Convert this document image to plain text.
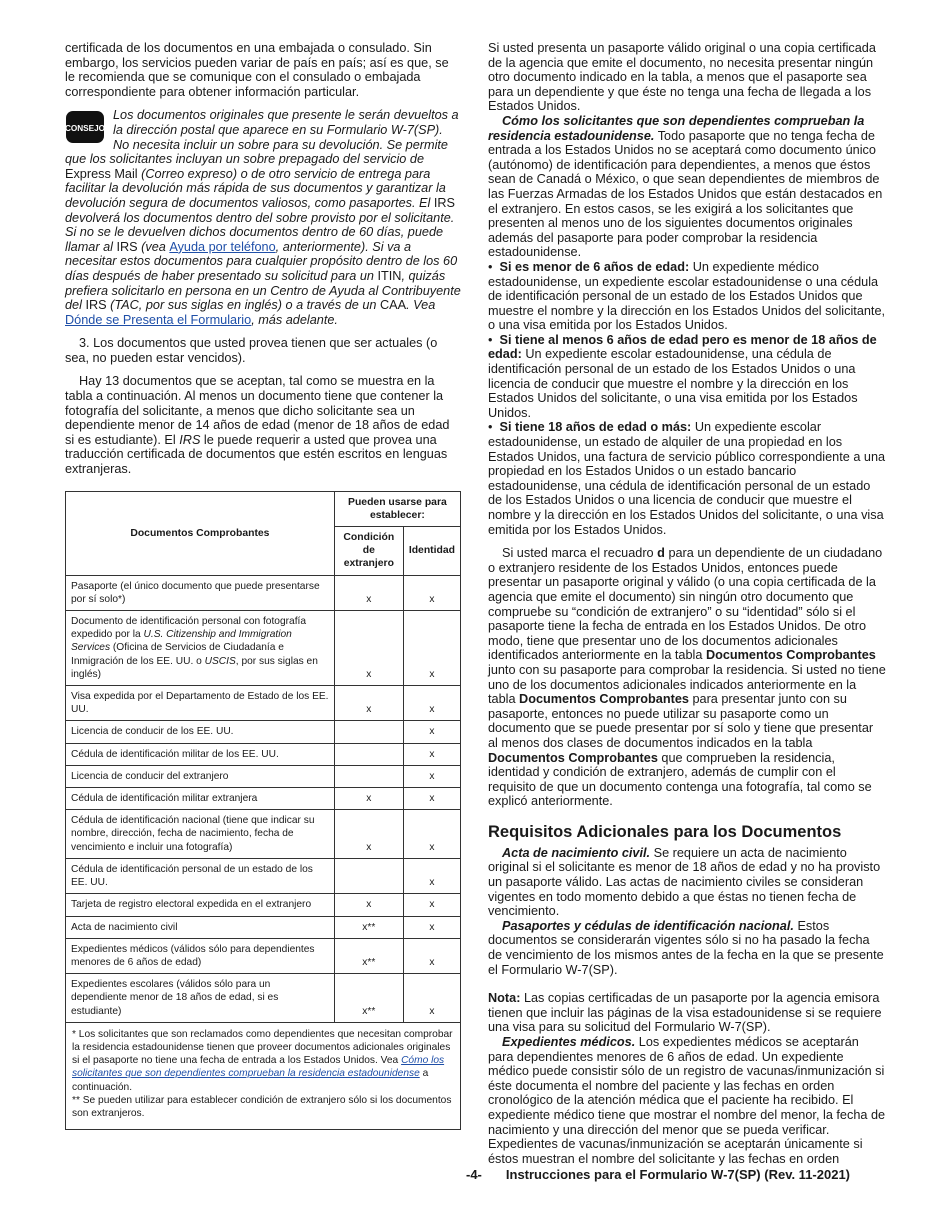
certificada de los documentos en una embajada o consulado. Sin embargo, los servicios pueden variar de país en país; así es que, se le recomienda que se comunique con el consulado o embajada correspondiente para obtener información particular.

CONSEJO
Los documentos originales que presente le serán devueltos a la dirección postal que aparece en su Formulario W-7(SP). No necesita incluir un sobre para su devolución. Se permite que los solicitantes incluyan un sobre prepagado del servicio de Express Mail (Correo expreso) o de otro servicio de entrega para facilitar la devolución más rápida de sus documentos y garantizar la devolución segura de documentos valiosos, como pasaportes. El IRS devolverá los documentos dentro del sobre provisto por el solicitante. Si no se le devuelven dichos documentos dentro de 60 días, puede llamar al IRS (vea Ayuda por teléfono, anteriormente). Si va a necesitar estos documentos para cualquier propósito dentro de los 60 días después de haber presentado su solicitud para un ITIN, quizás prefiera solicitarlo en persona en un Centro de Ayuda al Contribuyente del IRS (TAC, por sus siglas en inglés) o a través de un CAA. Vea Dónde se Presenta el Formulario, más adelante.

3. Los documentos que usted provea tienen que ser actuales (o sea, no pueden estar vencidos).

Hay 13 documentos que se aceptan, tal como se muestra en la tabla a continuación. Al menos un documento tiene que contener la fotografía del solicitante, a menos que dicho solicitante sea un dependiente menor de 14 años de edad (menor de 18 años de edad si es estudiante). El IRS le puede requerir a usted que provea una traducción certificada de documentos que estén escritos en lenguas extranjeras.

Documentos Comprobantes	Pueden usarse para establecer:	
	Condición de extranjero	Identidad
Pasaporte (el único documento que puede presentarse por sí solo*)	x	x
Documento de identificación personal con fotografía expedido por la U.S. Citizenship and Immigration Services (Oficina de Servicios de Ciudadanía e Inmigración de los EE. UU. o USCIS, por sus siglas en inglés)	x	x
Visa expedida por el Departamento de Estado de los EE. UU.	x	x
Licencia de conducir de los EE. UU.		x
Cédula de identificación militar de los EE. UU.		x
Licencia de conducir del extranjero		x
Cédula de identificación militar extranjera	x	x
Cédula de identificación nacional (tiene que indicar su nombre, dirección, fecha de nacimiento, fecha de vencimiento e incluir una fotografía)	x	x
Cédula de identificación personal de un estado de los EE. UU.		x
Tarjeta de registro electoral expedida en el extranjero	x	x
Acta de nacimiento civil	x**	x
Expedientes médicos (válidos sólo para dependientes menores de 6 años de edad)	x**	x
Expedientes escolares (válidos sólo para un dependiente menor de 18 años de edad, si es estudiante)	x**	x

* Los solicitantes que son reclamados como dependientes que necesitan comprobar la residencia estadounidense tienen que proveer documentos adicionales originales si el pasaporte no tiene una fecha de entrada a los Estados Unidos. Vea Cómo los solicitantes que son dependientes comprueban la residencia estadounidense a continuación.
** Se pueden utilizar para establecer condición de extranjero sólo si los documentos son extranjeros.		

Si usted presenta un pasaporte válido original o una copia certificada de la agencia que emite el documento, no necesita presentar ningún otro documento indicado en la tabla, a menos que el pasaporte sea para un dependiente y que éste no tenga una fecha de llegada a los Estados Unidos.

Cómo los solicitantes que son dependientes comprueban la residencia estadounidense. Todo pasaporte que no tenga fecha de entrada a los Estados Unidos no se aceptará como documento único (autónomo) de identificación para dependientes, a menos que éstos sean de Canadá o México, o que sean dependientes de miembros de las Fuerzas Armadas de los Estados Unidos que están destacados en el extranjero. En estos casos, se les exigirá a los solicitantes que presenten al menos uno de los siguientes documentos originales además del pasaporte para poder comprobar la residencia estadounidense.

•  Si es menor de 6 años de edad: Un expediente médico estadounidense, un expediente escolar estadounidense o una cédula de identificación personal de un estado de los Estados Unidos que muestre el nombre y la dirección en los Estados Unidos del solicitante, o una visa emitida por los Estados Unidos.

•  Si tiene al menos 6 años de edad pero es menor de 18 años de edad: Un expediente escolar estadounidense, una cédula de identificación personal de un estado de los Estados Unidos o una licencia de conducir que muestre el nombre y la dirección en los Estados Unidos del solicitante, o una visa emitida por los Estados Unidos.

•  Si tiene 18 años de edad o más: Un expediente escolar estadounidense, un estado de alquiler de una propiedad en los Estados Unidos, una factura de servicio público correspondiente a una propiedad en los Estados Unidos o un estado bancario estadounidense, una cédula de identificación personal de un estado de los Estados Unidos o una licencia de conducir que muestre el nombre y la dirección en los Estados Unidos del solicitante, o una visa emitida por los Estados Unidos.

Si usted marca el recuadro d para un dependiente de un ciudadano o extranjero residente de los Estados Unidos, entonces puede presentar un pasaporte original y válido (o una copia certificada de la agencia que emite el documento) sin ningún otro documento que compruebe su “condición de extranjero” o su “identidad” sólo si el pasaporte tiene la fecha de entrada en los Estados Unidos. De otro modo, tiene que presentar uno de los documentos adicionales identificados anteriormente en la tabla Documentos Comprobantes junto con su pasaporte para comprobar la residencia. Si usted no tiene uno de los documentos adicionales indicados anteriormente en la tabla Documentos Comprobantes para presentar junto con su pasaporte, entonces no puede utilizar su pasaporte como un documento que se puede presentar por sí solo y tiene que presentar al menos dos clases de documentos indicados en la tabla Documentos Comprobantes que comprueben la residencia, identidad y condición de extranjero, además de cumplir con el requisito de que un documento contenga una fotografía, tal como se explicó anteriormente.

Requisitos Adicionales para los Documentos

Acta de nacimiento civil. Se requiere un acta de nacimiento original si el solicitante es menor de 18 años de edad y no ha provisto un pasaporte válido. Las actas de nacimiento civiles se consideran vigentes en todo momento debido a que éstas no tienen fecha de vencimiento.

Pasaportes y cédulas de identificación nacional. Estos documentos se considerarán vigentes sólo si no ha pasado la fecha de vencimiento de los mismos antes de la fecha en la que se presente el Formulario W-7(SP).

Nota: Las copias certificadas de un pasaporte por la agencia emisora tienen que incluir las páginas de la visa estadounidense si se requiere una visa para su solicitud del Formulario W-7(SP).

Expedientes médicos. Los expedientes médicos se aceptarán para dependientes menores de 6 años de edad. Un expediente médico puede consistir sólo de un registro de vacunas/inmunización si éste documenta el nombre del paciente y las fechas en orden cronológico de la atención médica que el paciente ha recibido. El expediente médico tiene que mostrar el nombre del menor, la fecha de nacimiento y una dirección del menor que se pueda verificar. Expedientes de vacunas/inmunización se aceptarán únicamente si éstos muestran el nombre del solicitante y las fechas en orden

-4- Instrucciones para el Formulario W-7(SP) (Rev. 11-2021)
